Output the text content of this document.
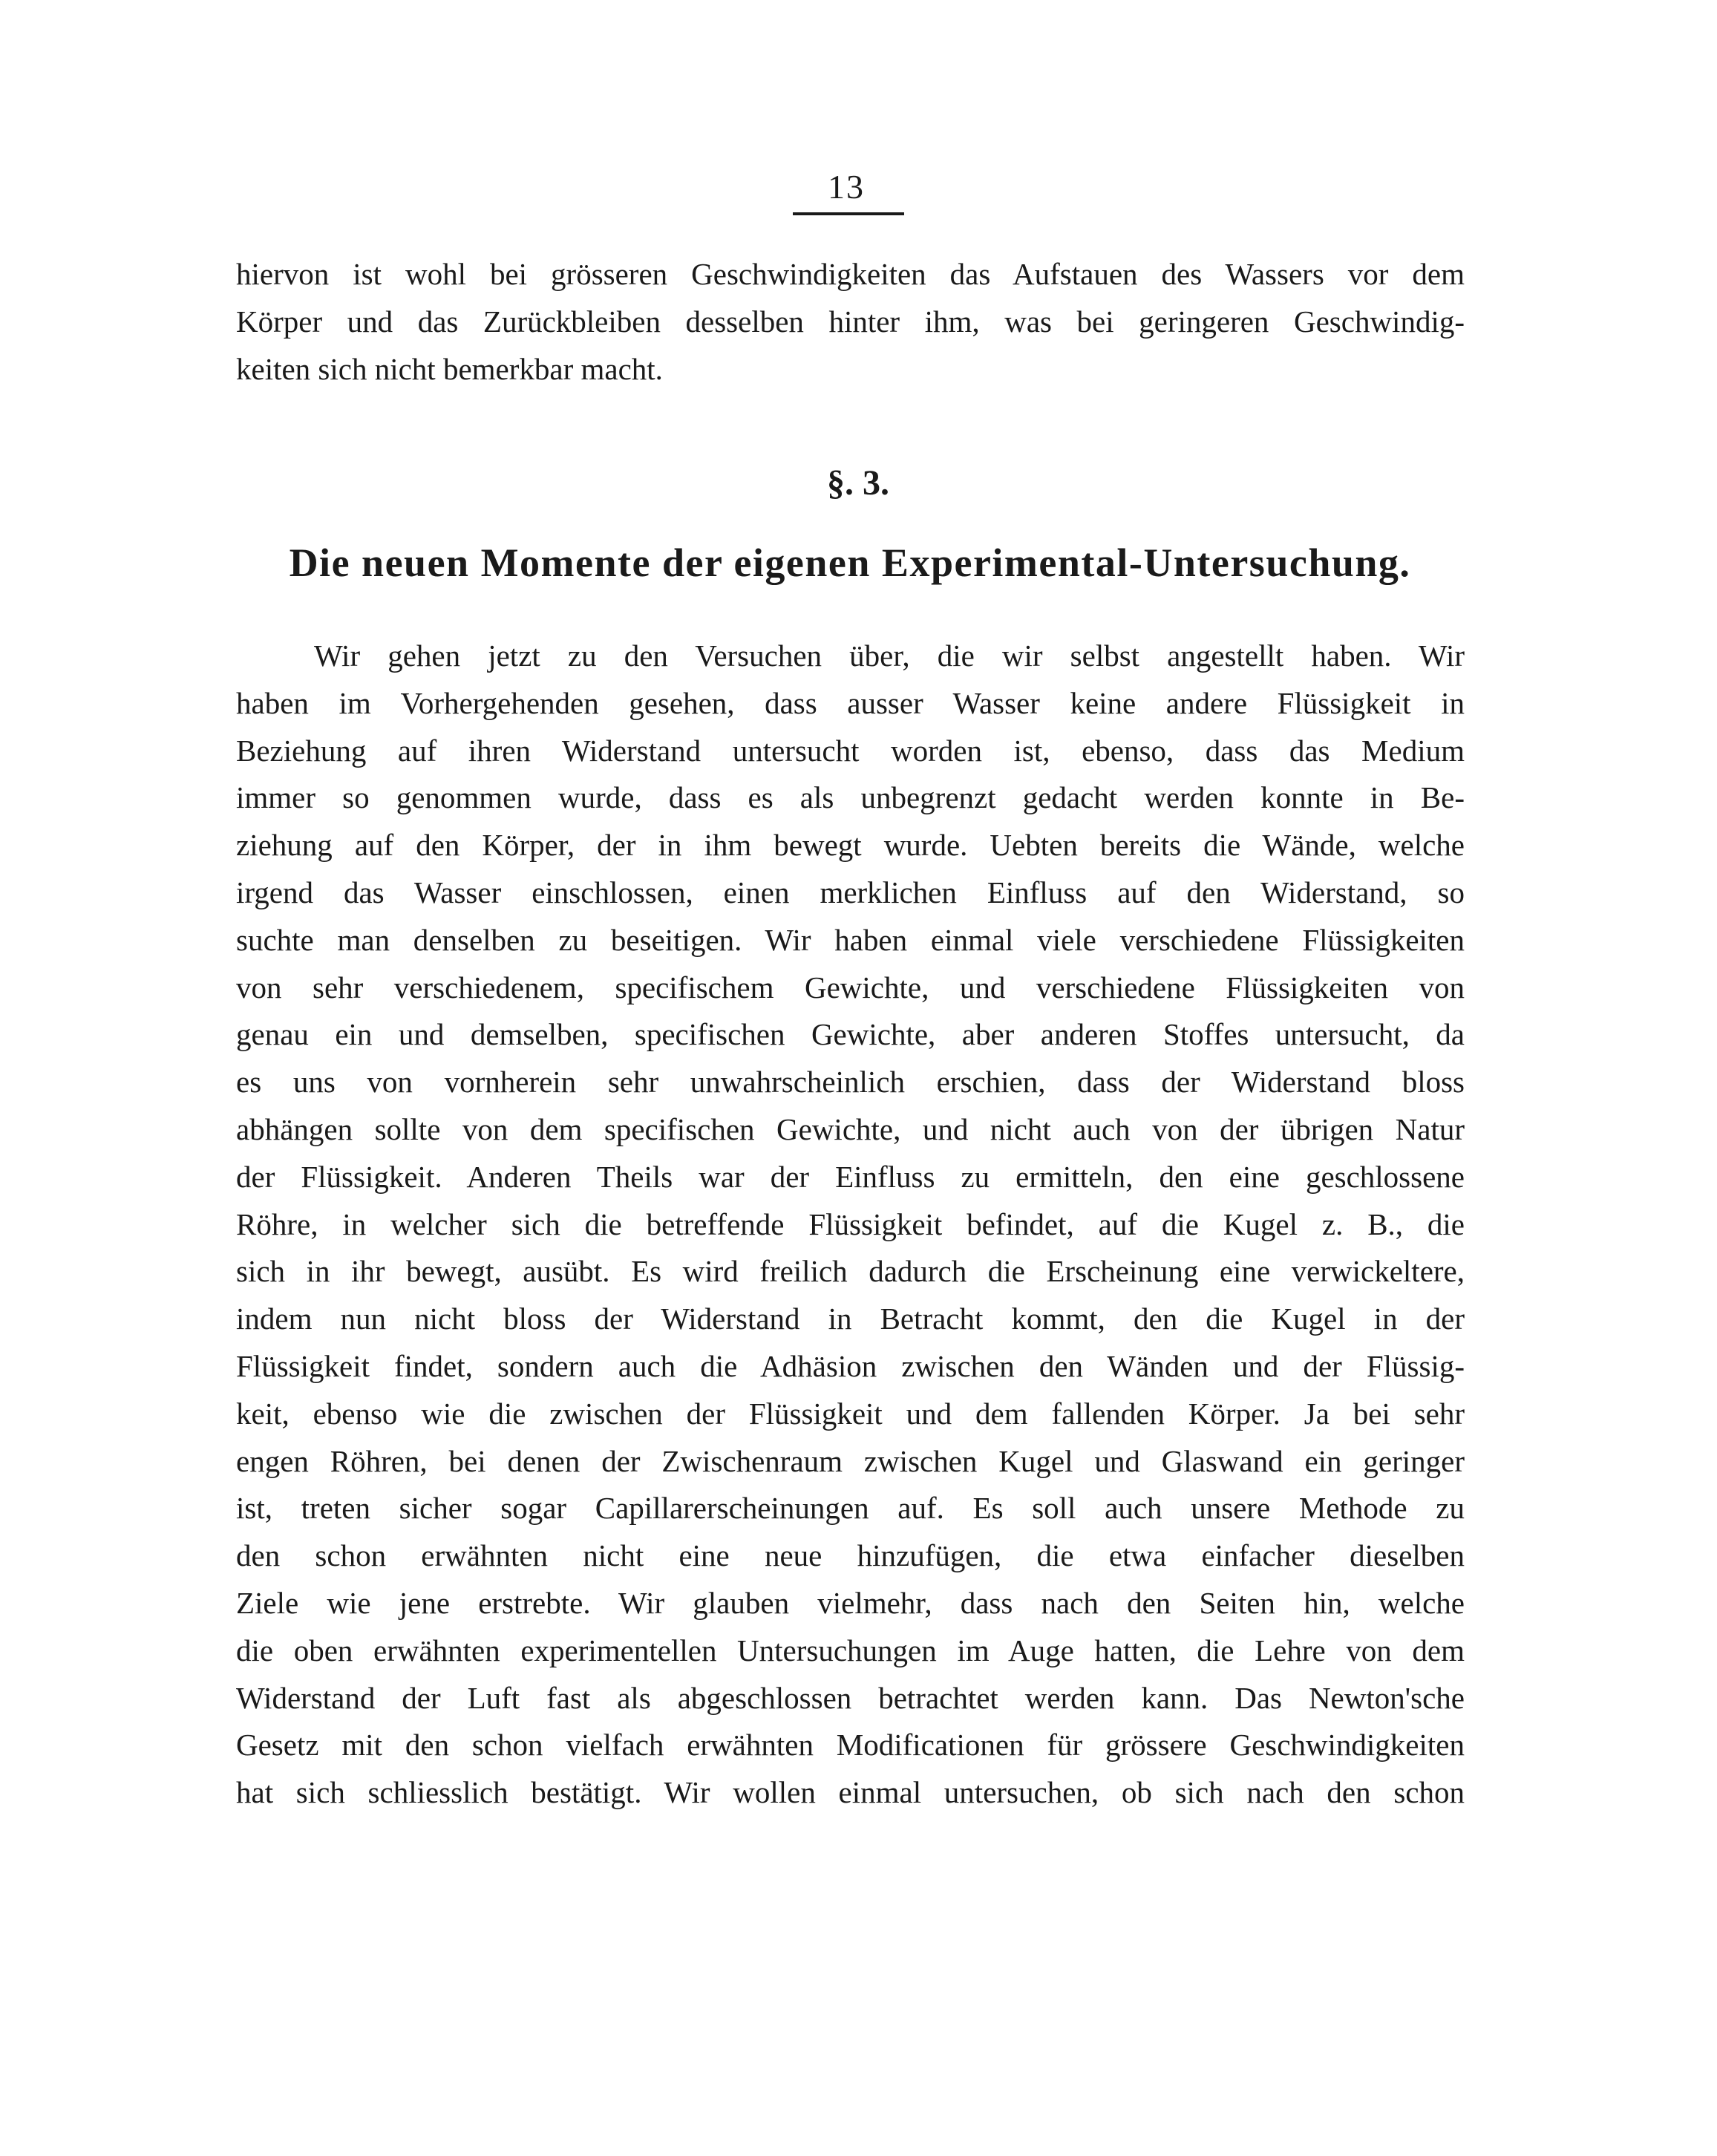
13
hiervon ist wohl bei grösseren Geschwindigkeiten das Aufstauen des Wassers vor dem
Körper und das Zurückbleiben desselben hinter ihm, was bei geringeren Geschwindig-
keiten sich nicht bemerkbar macht.
§. 3.
Die neuen Momente der eigenen Experimental-Untersuchung.
Wir gehen jetzt zu den Versuchen über, die wir selbst angestellt haben. Wir
haben im Vorhergehenden gesehen, dass ausser Wasser keine andere Flüssigkeit in
Beziehung auf ihren Widerstand untersucht worden ist, ebenso, dass das Medium
immer so genommen wurde, dass es als unbegrenzt gedacht werden konnte in Be-
ziehung auf den Körper, der in ihm bewegt wurde. Uebten bereits die Wände, welche
irgend das Wasser einschlossen, einen merklichen Einfluss auf den Widerstand, so
suchte man denselben zu beseitigen. Wir haben einmal viele verschiedene Flüssigkeiten
von sehr verschiedenem, specifischem Gewichte, und verschiedene Flüssigkeiten von
genau ein und demselben, specifischen Gewichte, aber anderen Stoffes untersucht, da
es uns von vornherein sehr unwahrscheinlich erschien, dass der Widerstand bloss
abhängen sollte von dem specifischen Gewichte, und nicht auch von der übrigen Natur
der Flüssigkeit. Anderen Theils war der Einfluss zu ermitteln, den eine geschlossene
Röhre, in welcher sich die betreffende Flüssigkeit befindet, auf die Kugel z. B., die
sich in ihr bewegt, ausübt. Es wird freilich dadurch die Erscheinung eine verwickeltere,
indem nun nicht bloss der Widerstand in Betracht kommt, den die Kugel in der
Flüssigkeit findet, sondern auch die Adhäsion zwischen den Wänden und der Flüssig-
keit, ebenso wie die zwischen der Flüssigkeit und dem fallenden Körper. Ja bei sehr
engen Röhren, bei denen der Zwischenraum zwischen Kugel und Glaswand ein geringer
ist, treten sicher sogar Capillarerscheinungen auf. Es soll auch unsere Methode zu
den schon erwähnten nicht eine neue hinzufügen, die etwa einfacher dieselben
Ziele wie jene erstrebte. Wir glauben vielmehr, dass nach den Seiten hin, welche
die oben erwähnten experimentellen Untersuchungen im Auge hatten, die Lehre von dem
Widerstand der Luft fast als abgeschlossen betrachtet werden kann. Das Newton'sche
Gesetz mit den schon vielfach erwähnten Modificationen für grössere Geschwindigkeiten
hat sich schliesslich bestätigt. Wir wollen einmal untersuchen, ob sich nach den schon
